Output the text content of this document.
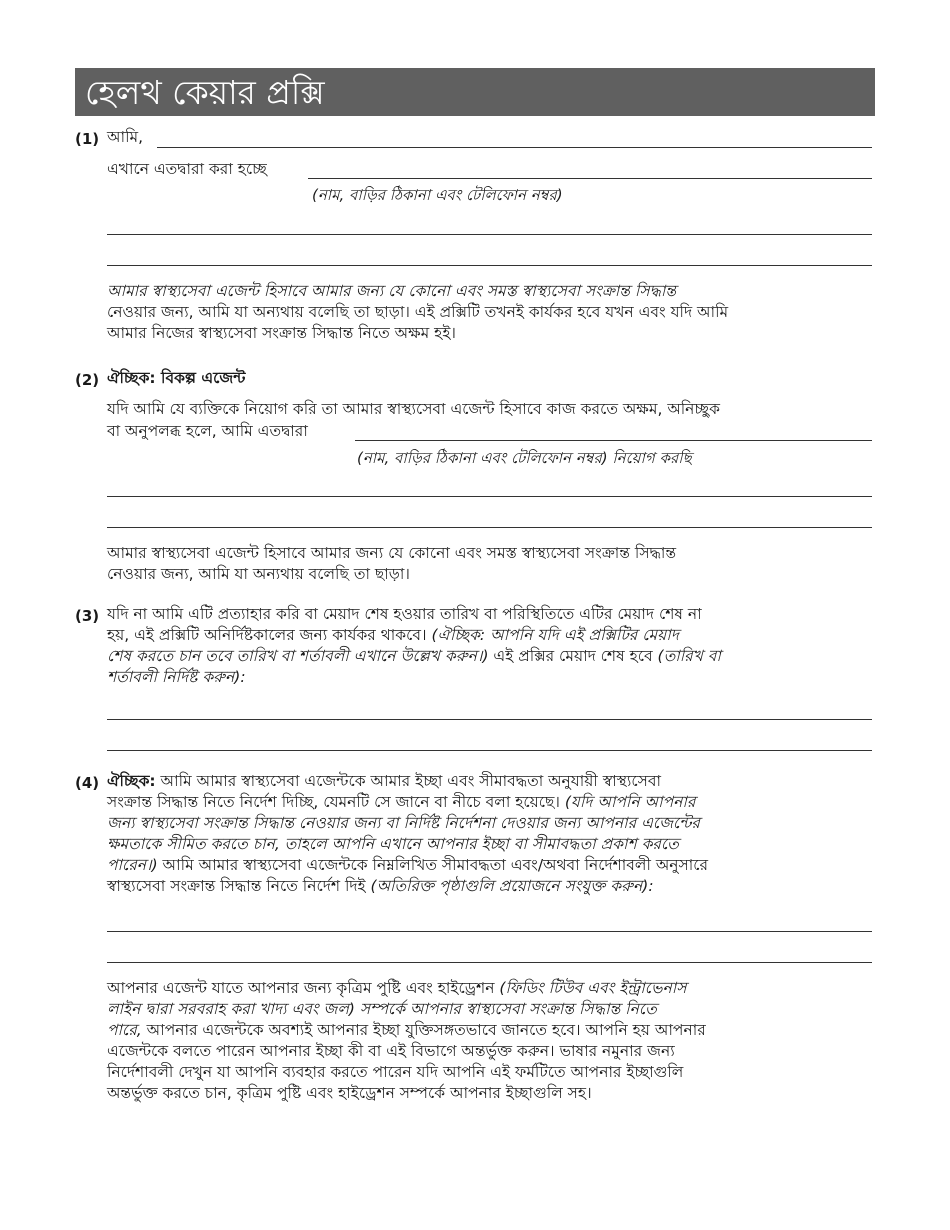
হেলথ কেয়ার প্রক্সি
(1) আমি,
এখানে এতদ্বারা করা হচ্ছে
(নাম, বাড়ির ঠিকানা এবং টেলিফোন নম্বর)
আমার স্বাস্থ্যসেবা এজেন্ট হিসাবে আমার জন্য যে কোনো এবং সমস্ত স্বাস্থ্যসেবা সংক্রান্ত সিদ্ধান্ত
নেওয়ার জন্য, আমি যা অন্যথায় বলেছি তা ছাড়া। এই প্রক্সিটি তখনই কার্যকর হবে যখন এবং যদি আমি
আমার নিজের স্বাস্থ্যসেবা সংক্রান্ত সিদ্ধান্ত নিতে অক্ষম হই।
(2) ঐচ্ছিক: বিকল্প এজেন্ট
যদি আমি যে ব্যক্তিকে নিয়োগ করি তা আমার স্বাস্থ্যসেবা এজেন্ট হিসাবে কাজ করতে অক্ষম, অনিচ্ছুক
বা অনুপলব্ধ হলে, আমি এতদ্বারা
(নাম, বাড়ির ঠিকানা এবং টেলিফোন নম্বর) নিয়োগ করছি
আমার স্বাস্থ্যসেবা এজেন্ট হিসাবে আমার জন্য যে কোনো এবং সমস্ত স্বাস্থ্যসেবা সংক্রান্ত সিদ্ধান্ত
নেওয়ার জন্য, আমি যা অন্যথায় বলেছি তা ছাড়া।
(3) যদি না আমি এটি প্রত্যাহার করি বা মেয়াদ শেষ হওয়ার তারিখ বা পরিস্থিতিতে এটির মেয়াদ শেষ না
হয়, এই প্রক্সিটি অনির্দিষ্টকালের জন্য কার্যকর থাকবে। (ঐচ্ছিক: আপনি যদি এই প্রক্সিটির মেয়াদ
শেষ করতে চান তবে তারিখ বা শর্তাবলী এখানে উল্লেখ করুন।) এই প্রক্সির মেয়াদ শেষ হবে (তারিখ বা
শর্তাবলী নির্দিষ্ট করুন):
(4) ঐচ্ছিক: আমি আমার স্বাস্থ্যসেবা এজেন্টকে আমার ইচ্ছা এবং সীমাবদ্ধতা অনুযায়ী স্বাস্থ্যসেবা
সংক্রান্ত সিদ্ধান্ত নিতে নির্দেশ দিচ্ছি, যেমনটি সে জানে বা নীচে বলা হয়েছে। (যদি আপনি আপনার
জন্য স্বাস্থ্যসেবা সংক্রান্ত সিদ্ধান্ত নেওয়ার জন্য বা নির্দিষ্ট নির্দেশনা দেওয়ার জন্য আপনার এজেন্টের
ক্ষমতাকে সীমিত করতে চান, তাহলে আপনি এখানে আপনার ইচ্ছা বা সীমাবদ্ধতা প্রকাশ করতে
পারেন।) আমি আমার স্বাস্থ্যসেবা এজেন্টকে নিম্নলিখিত সীমাবদ্ধতা এবং/অথবা নির্দেশাবলী অনুসারে
স্বাস্থ্যসেবা সংক্রান্ত সিদ্ধান্ত নিতে নির্দেশ দিই (অতিরিক্ত পৃষ্ঠাগুলি প্রয়োজনে সংযুক্ত করুন):
আপনার এজেন্ট যাতে আপনার জন্য কৃত্রিম পুষ্টি এবং হাইড্রেশন (ফিডিং টিউব এবং ইন্ট্রাভেনাস
লাইন দ্বারা সরবরাহ করা খাদ্য এবং জল) সম্পর্কে আপনার স্বাস্থ্যসেবা সংক্রান্ত সিদ্ধান্ত নিতে
পারে, আপনার এজেন্টকে অবশ্যই আপনার ইচ্ছা যুক্তিসঙ্গতভাবে জানতে হবে। আপনি হয় আপনার
এজেন্টকে বলতে পারেন আপনার ইচ্ছা কী বা এই বিভাগে অন্তর্ভুক্ত করুন। ভাষার নমুনার জন্য
নির্দেশাবলী দেখুন যা আপনি ব্যবহার করতে পারেন যদি আপনি এই ফর্মটিতে আপনার ইচ্ছাগুলি
অন্তর্ভুক্ত করতে চান, কৃত্রিম পুষ্টি এবং হাইড্রেশন সম্পর্কে আপনার ইচ্ছাগুলি সহ।
